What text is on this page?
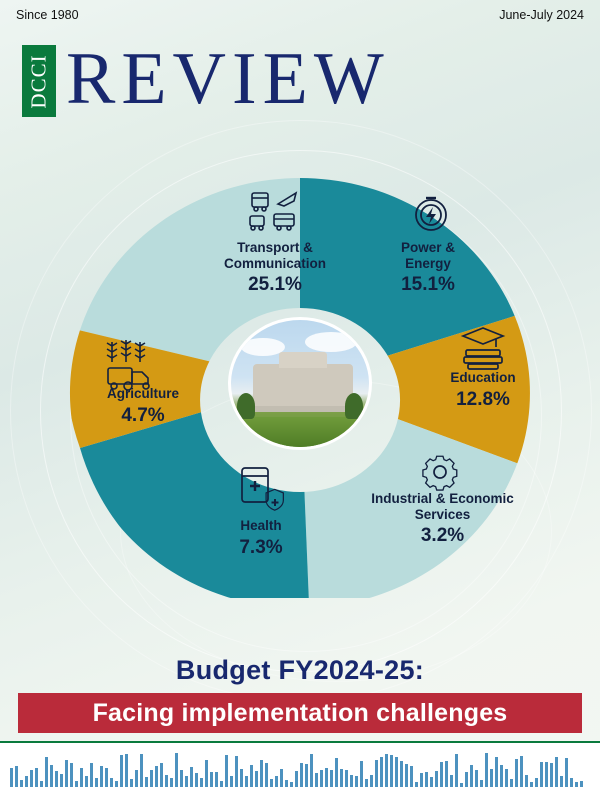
Since 1980	June-July 2024
DCCI REVIEW
Transport &
Communication
25.1%
Power &
Energy
15.1%
Education
12.8%
Industrial & Economic
Services
3.2%
Health
7.3%
Agriculture
4.7%
Budget FY2024-25:
Facing implementation challenges
